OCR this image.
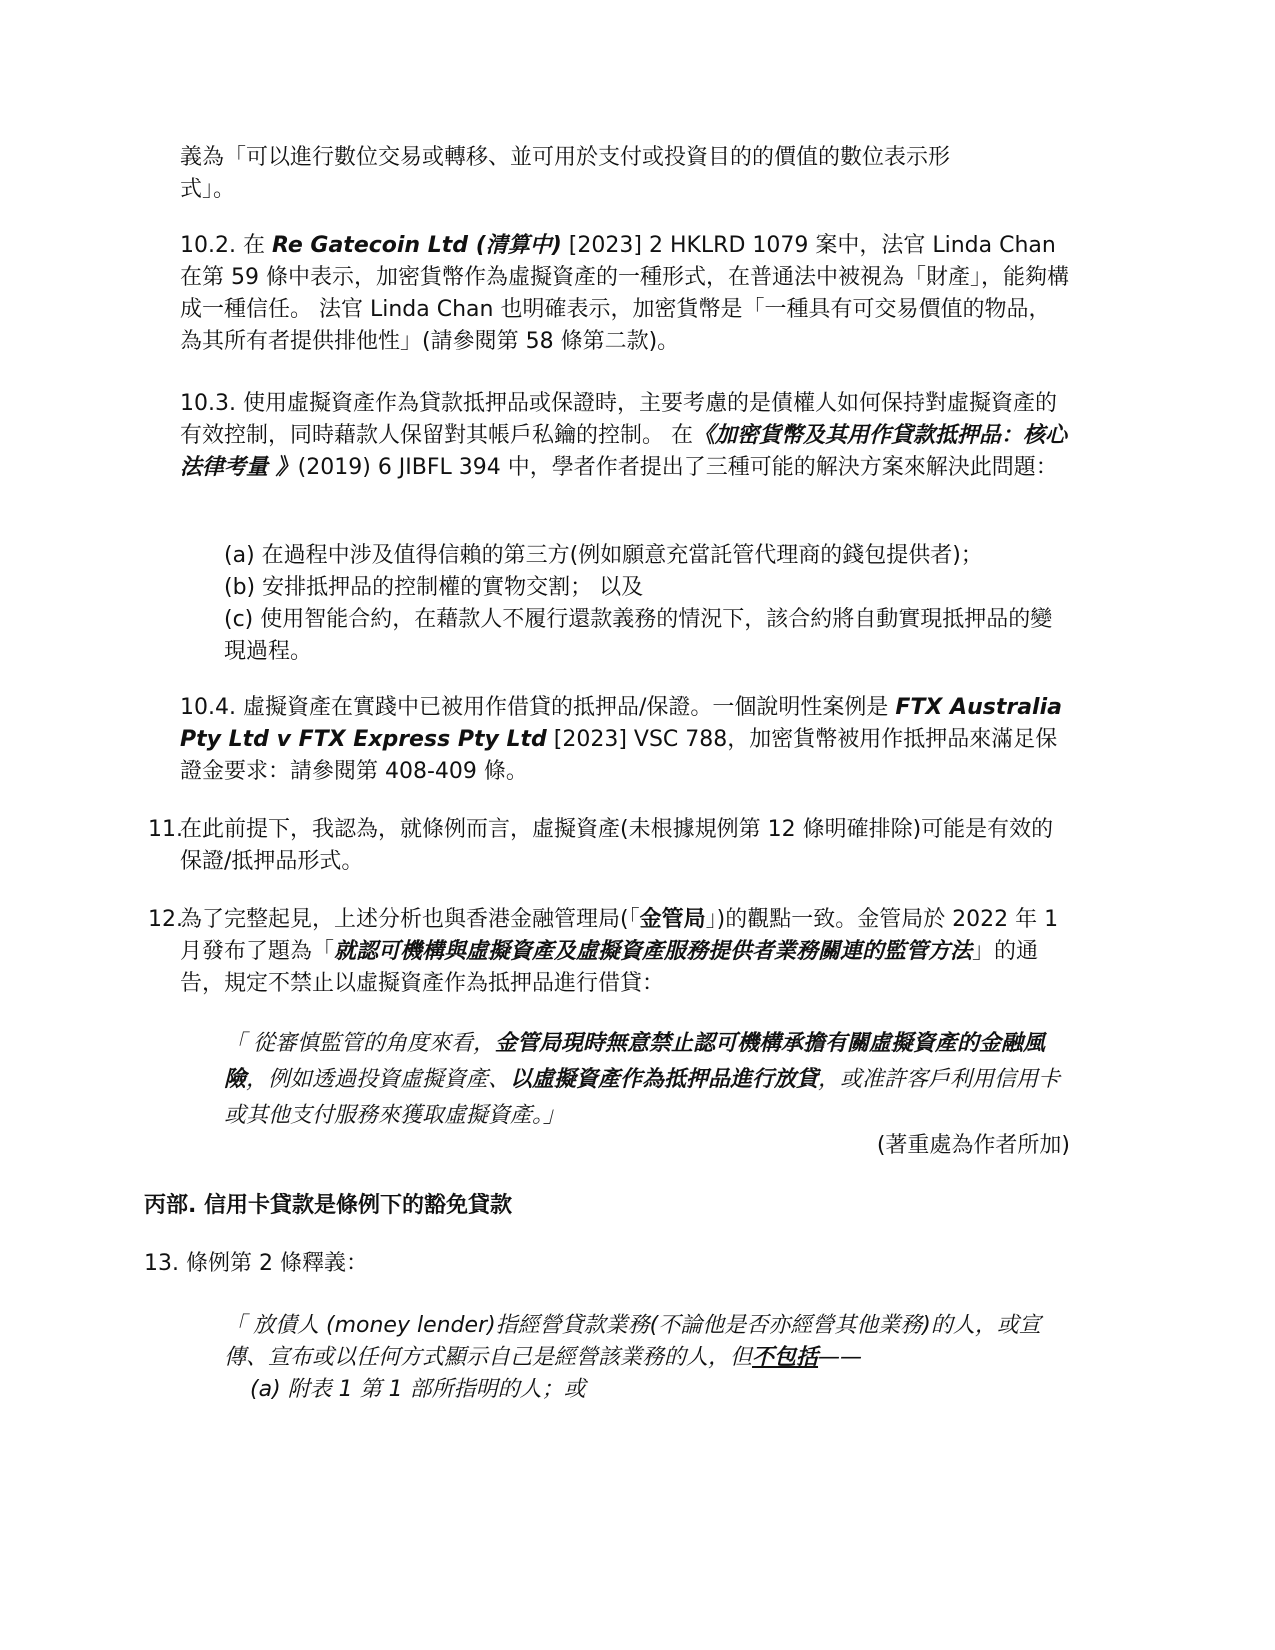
義為「可以進行數位交易或轉移、並可用於支付或投資目的的價值的數位表示形

式」。

10.2. 在 Re Gatecoin Ltd (清算中) [2023] 2 HKLRD 1079 案中，法官 Linda Chan 在第 59 條中表示，加密貨幣作為虛擬資產的一種形式，在普通法中被視為「財產」，能夠構成一種信任。 法官 Linda Chan 也明確表示，加密貨幣是「一種具有可交易價值的物品，為其所有者提供排他性」(請參閱第 58 條第二款)。

10.3. 使用虛擬資產作為貸款抵押品或保證時，主要考慮的是債權人如何保持對虛擬資產的有效控制，同時藉款人保留對其帳戶私鑰的控制。 在《加密貨幣及其用作貸款抵押品：核心法律考量 》(2019) 6 JIBFL 394 中，學者作者提出了三種可能的解決方案來解決此問題：

(a) 在過程中涉及值得信賴的第三方(例如願意充當託管代理商的錢包提供者)；

(b) 安排抵押品的控制權的實物交割； 以及

(c) 使用智能合約，在藉款人不履行還款義務的情況下，該合約將自動實現抵押品的變現過程。

10.4. 虛擬資產在實踐中已被用作借貸的抵押品/保證。一個說明性案例是 FTX Australia Pty Ltd v FTX Express Pty Ltd [2023] VSC 788，加密貨幣被用作抵押品來滿足保證金要求：請參閱第 408-409 條。

11.

在此前提下，我認為，就條例而言，虛擬資產(未根據規例第 12 條明確排除)可能是有效的保證/抵押品形式。

12.

為了完整起見，上述分析也與香港金融管理局(「金管局」)的觀點一致。金管局於 2022 年 1 月發布了題為「就認可機構與虛擬資產及虛擬資產服務提供者業務關連的監管方法」的通告，規定不禁止以虛擬資產作為抵押品進行借貸：

「 從審慎監管的角度來看，金管局現時無意禁止認可機構承擔有關虛擬資產的金融風險，例如透過投資虛擬資產、以虛擬資產作為抵押品進行放貸，或准許客戶利用信用卡或其他支付服務來獲取虛擬資產。」

(著重處為作者所加)

丙部. 信用卡貸款是條例下的豁免貸款

13. 條例第 2 條釋義：

「 放債人 (money lender)指經營貸款業務(不論他是否亦經營其他業務)的人，或宣傳、宣布或以任何方式顯示自己是經營該業務的人，但不包括——

(a) 附表 1 第 1 部所指明的人；或
